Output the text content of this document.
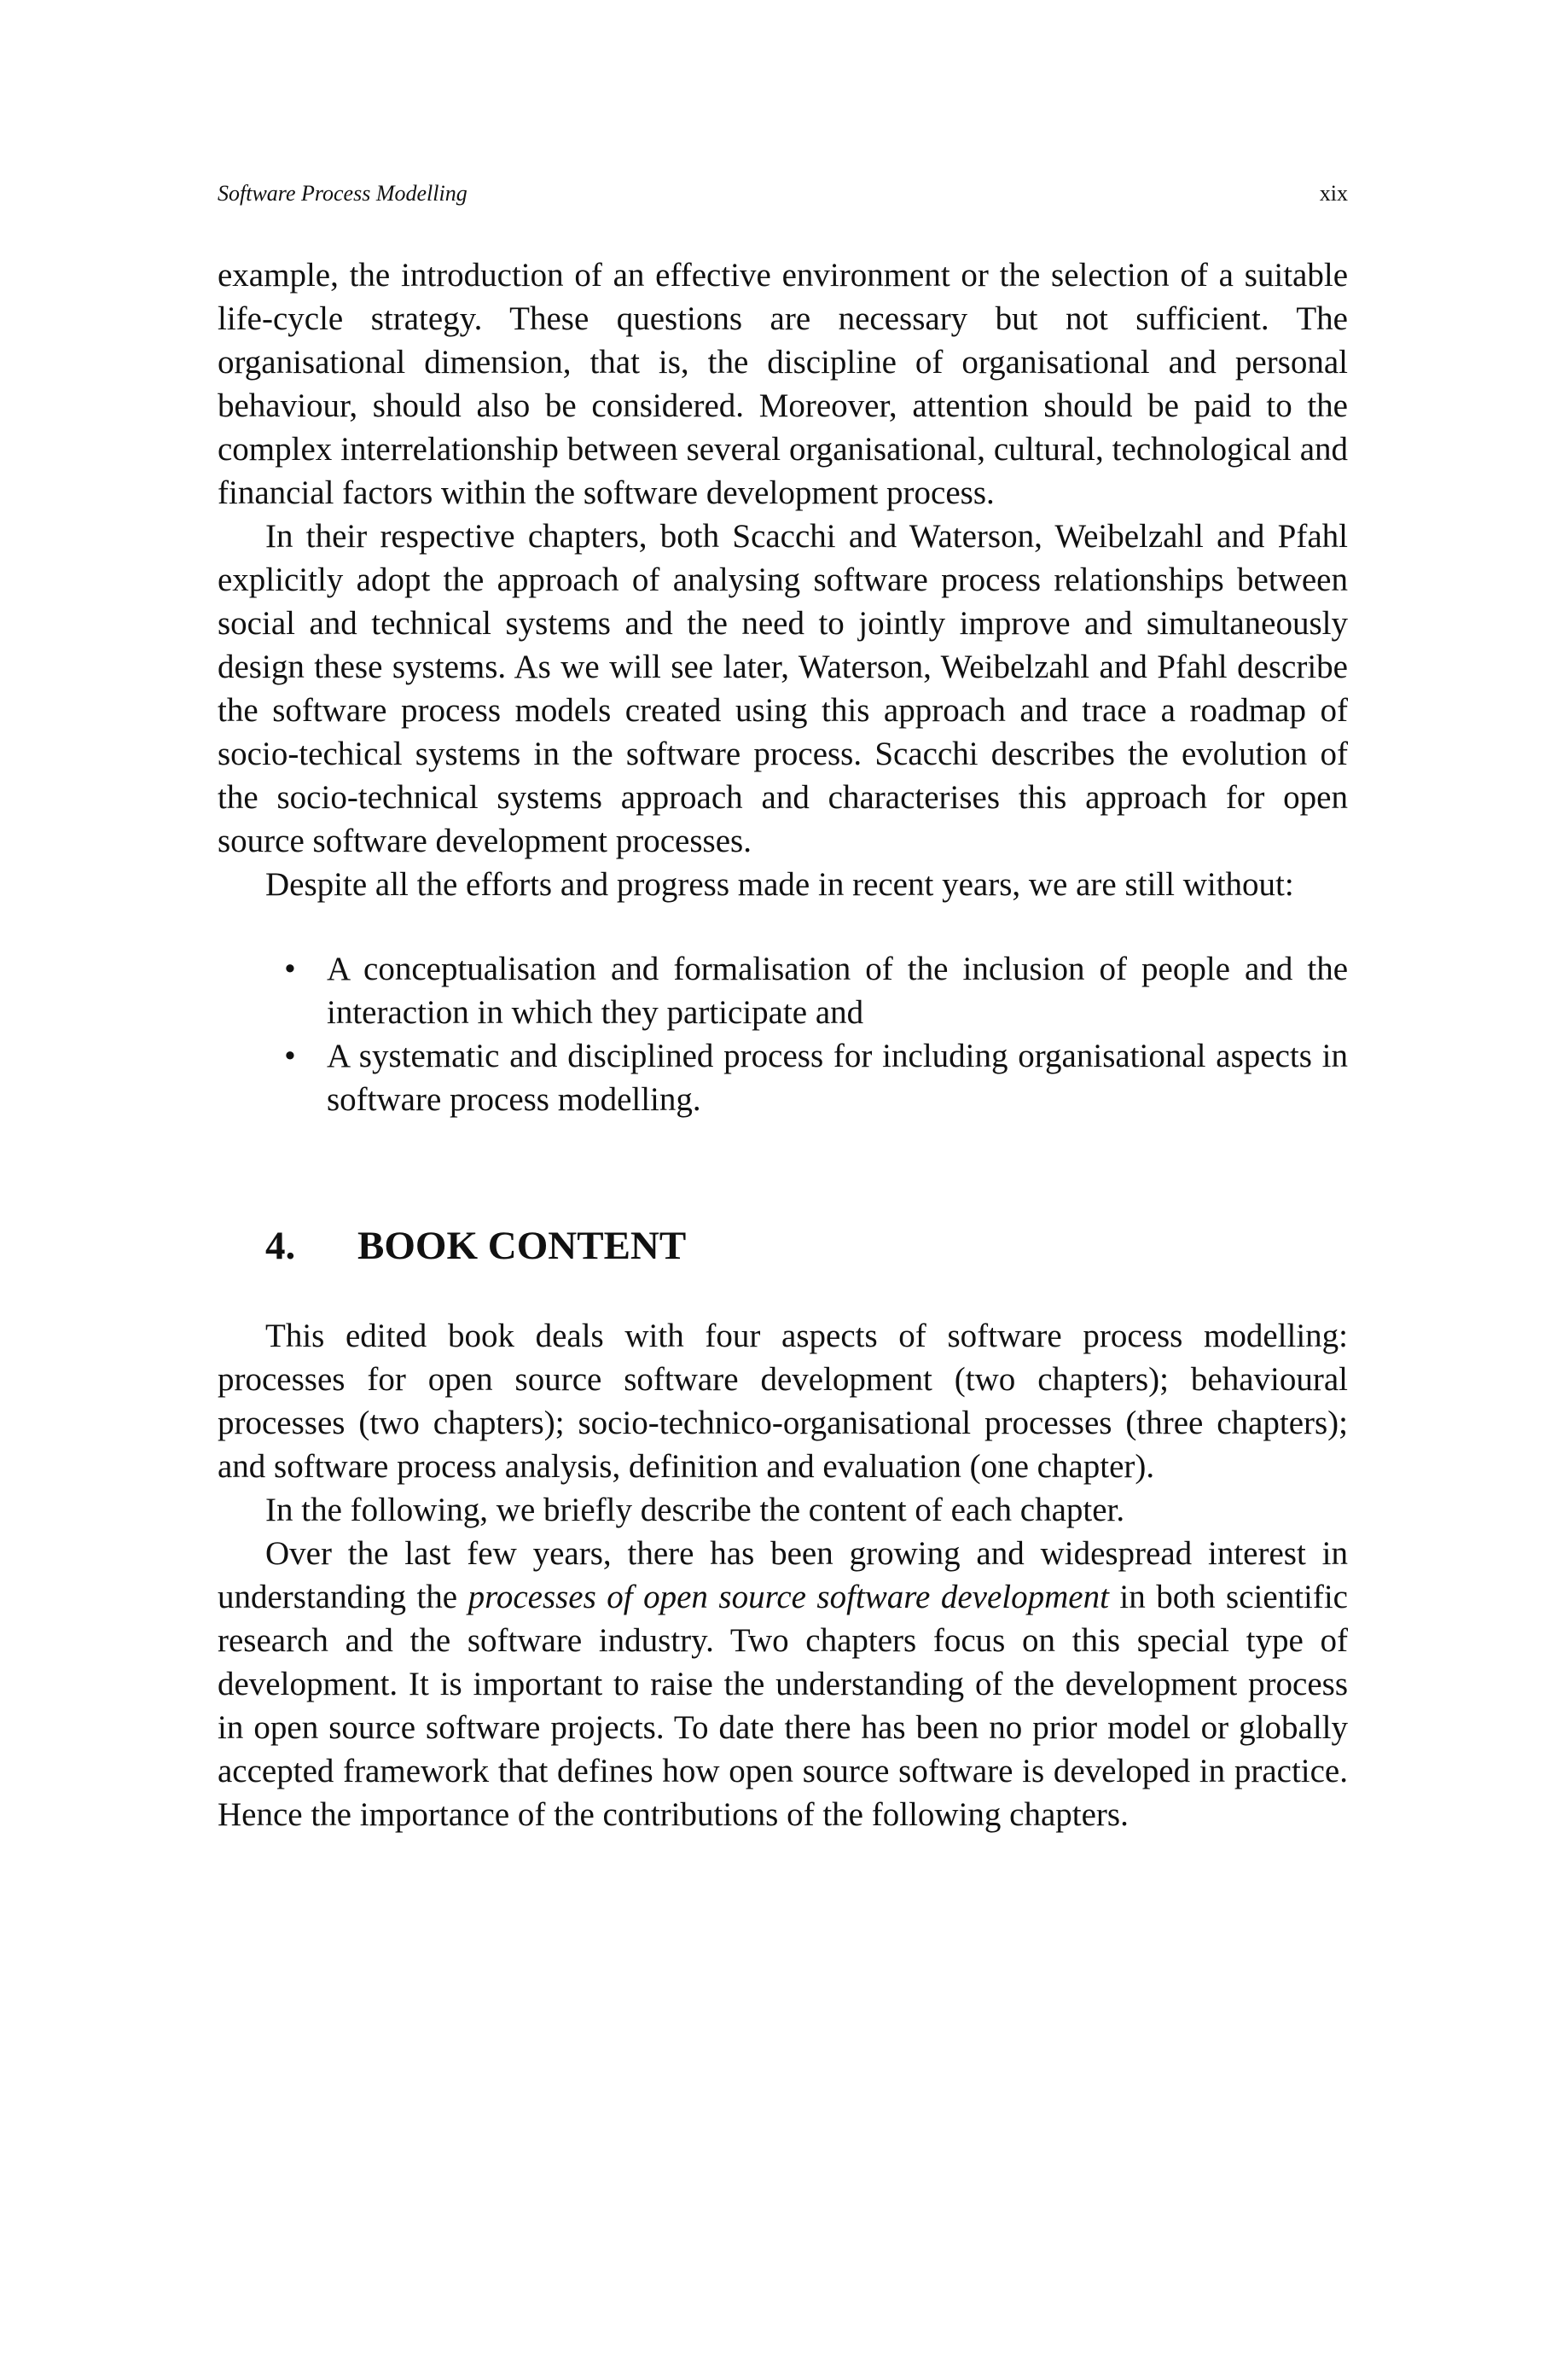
Software Process Modelling	xix

example, the introduction of an effective environment or the selection of a suitable life-cycle strategy. These questions are necessary but not sufficient. The organisational dimension, that is, the discipline of organisational and personal behaviour, should also be considered. Moreover, attention should be paid to the complex interrelationship between several organisational, cultural, technological and financial factors within the software development process.

In their respective chapters, both Scacchi and Waterson, Weibelzahl and Pfahl explicitly adopt the approach of analysing software process relationships between social and technical systems and the need to jointly improve and simultaneously design these systems. As we will see later, Waterson, Weibelzahl and Pfahl describe the software process models created using this approach and trace a roadmap of socio-techical systems in the software process. Scacchi describes the evolution of the socio-technical systems approach and characterises this approach for open source software development processes.

Despite all the efforts and progress made in recent years, we are still without:

• A conceptualisation and formalisation of the inclusion of people and the interaction in which they participate and
• A systematic and disciplined process for including organisational aspects in software process modelling.
4. BOOK CONTENT

This edited book deals with four aspects of software process modelling: processes for open source software development (two chapters); behavioural processes (two chapters); socio-technico-organisational processes (three chapters); and software process analysis, definition and evaluation (one chapter).

In the following, we briefly describe the content of each chapter.

Over the last few years, there has been growing and widespread interest in understanding the processes of open source software development in both scientific research and the software industry. Two chapters focus on this special type of development. It is important to raise the understanding of the development process in open source software projects. To date there has been no prior model or globally accepted framework that defines how open source software is developed in practice. Hence the importance of the contributions of the following chapters.
